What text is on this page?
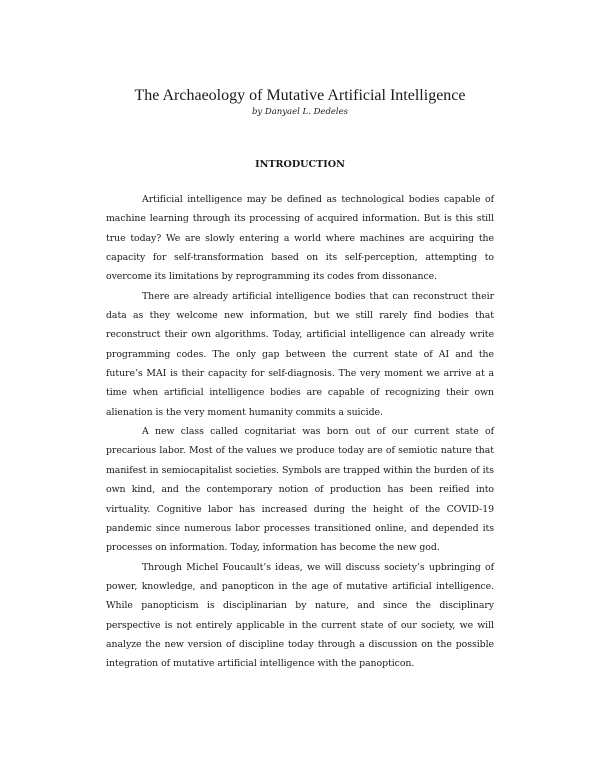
The Archaeology of Mutative Artificial Intelligence

by Danyael L. Dedeles

INTRODUCTION

Artificial intelligence may be defined as technological bodies capable of machine learning through its processing of acquired information. But is this still true today? We are slowly entering a world where machines are acquiring the capacity for self-transformation based on its self-perception, attempting to overcome its limitations by reprogramming its codes from dissonance.

There are already artificial intelligence bodies that can reconstruct their data as they welcome new information, but we still rarely find bodies that reconstruct their own algorithms. Today, artificial intelligence can already write programming codes. The only gap between the current state of AI and the future’s MAI is their capacity for self-diagnosis. The very moment we arrive at a time when artificial intelligence bodies are capable of recognizing their own alienation is the very moment humanity commits a suicide.

A new class called cognitariat was born out of our current state of precarious labor. Most of the values we produce today are of semiotic nature that manifest in semiocapitalist societies. Symbols are trapped within the burden of its own kind, and the contemporary notion of production has been reified into virtuality. Cognitive labor has increased during the height of the COVID-19 pandemic since numerous labor processes transitioned online, and depended its processes on information. Today, information has become the new god.

Through Michel Foucault’s ideas, we will discuss society’s upbringing of power, knowledge, and panopticon in the age of mutative artificial intelligence. While panopticism is disciplinarian by nature, and since the disciplinary perspective is not entirely applicable in the current state of our society, we will analyze the new version of discipline today through a discussion on the possible integration of mutative artificial intelligence with the panopticon.
